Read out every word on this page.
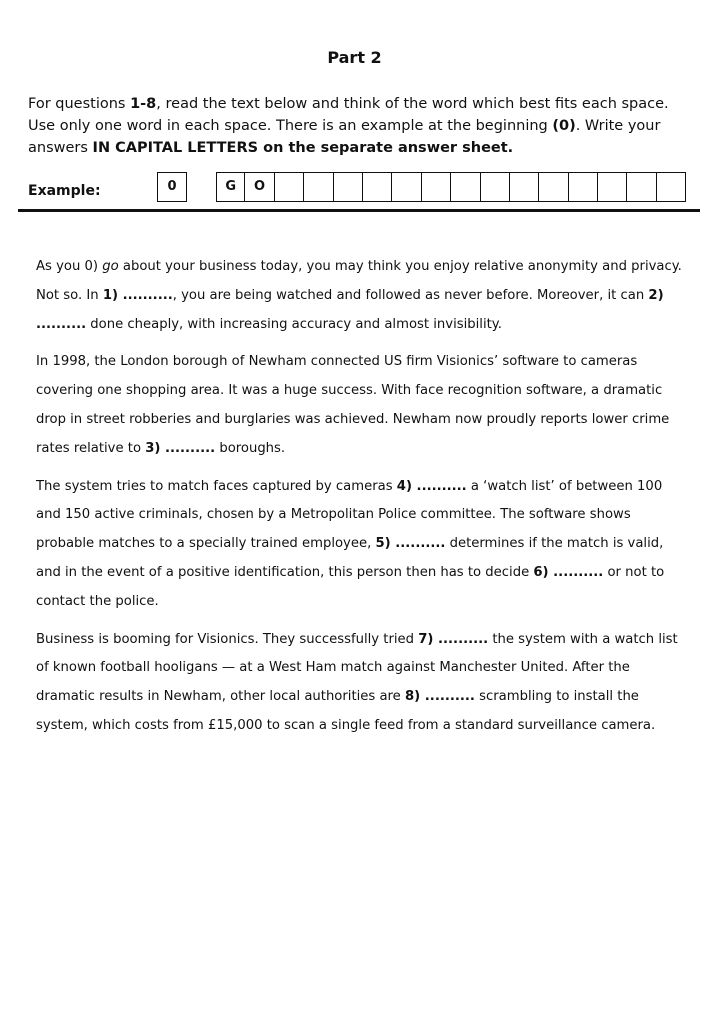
Part 2
For questions 1-8, read the text below and think of the word which best fits each space. Use only one word in each space. There is an example at the beginning (0). Write your answers IN CAPITAL LETTERS on the separate answer sheet.
Example:	0	G	O

As you 0) go about your business today, you may think you enjoy relative anonymity and privacy. Not so. In 1) .........., you are being watched and followed as never before. Moreover, it can 2) .......... done cheaply, with increasing accuracy and almost invisibility.

In 1998, the London borough of Newham connected US firm Visionics’ software to cameras covering one shopping area. It was a huge success. With face recognition software, a dramatic drop in street robberies and burglaries was achieved. Newham now proudly reports lower crime rates relative to 3) .......... boroughs.

The system tries to match faces captured by cameras 4) .......... a ‘watch list’ of between 100 and 150 active criminals, chosen by a Metropolitan Police committee. The software shows probable matches to a specially trained employee, 5) .......... determines if the match is valid, and in the event of a positive identification, this person then has to decide 6) .......... or not to contact the police.

Business is booming for Visionics. They successfully tried 7) .......... the system with a watch list of known football hooligans — at a West Ham match against Manchester United. After the dramatic results in Newham, other local authorities are 8) .......... scrambling to install the system, which costs from £15,000 to scan a single feed from a standard surveillance camera.
